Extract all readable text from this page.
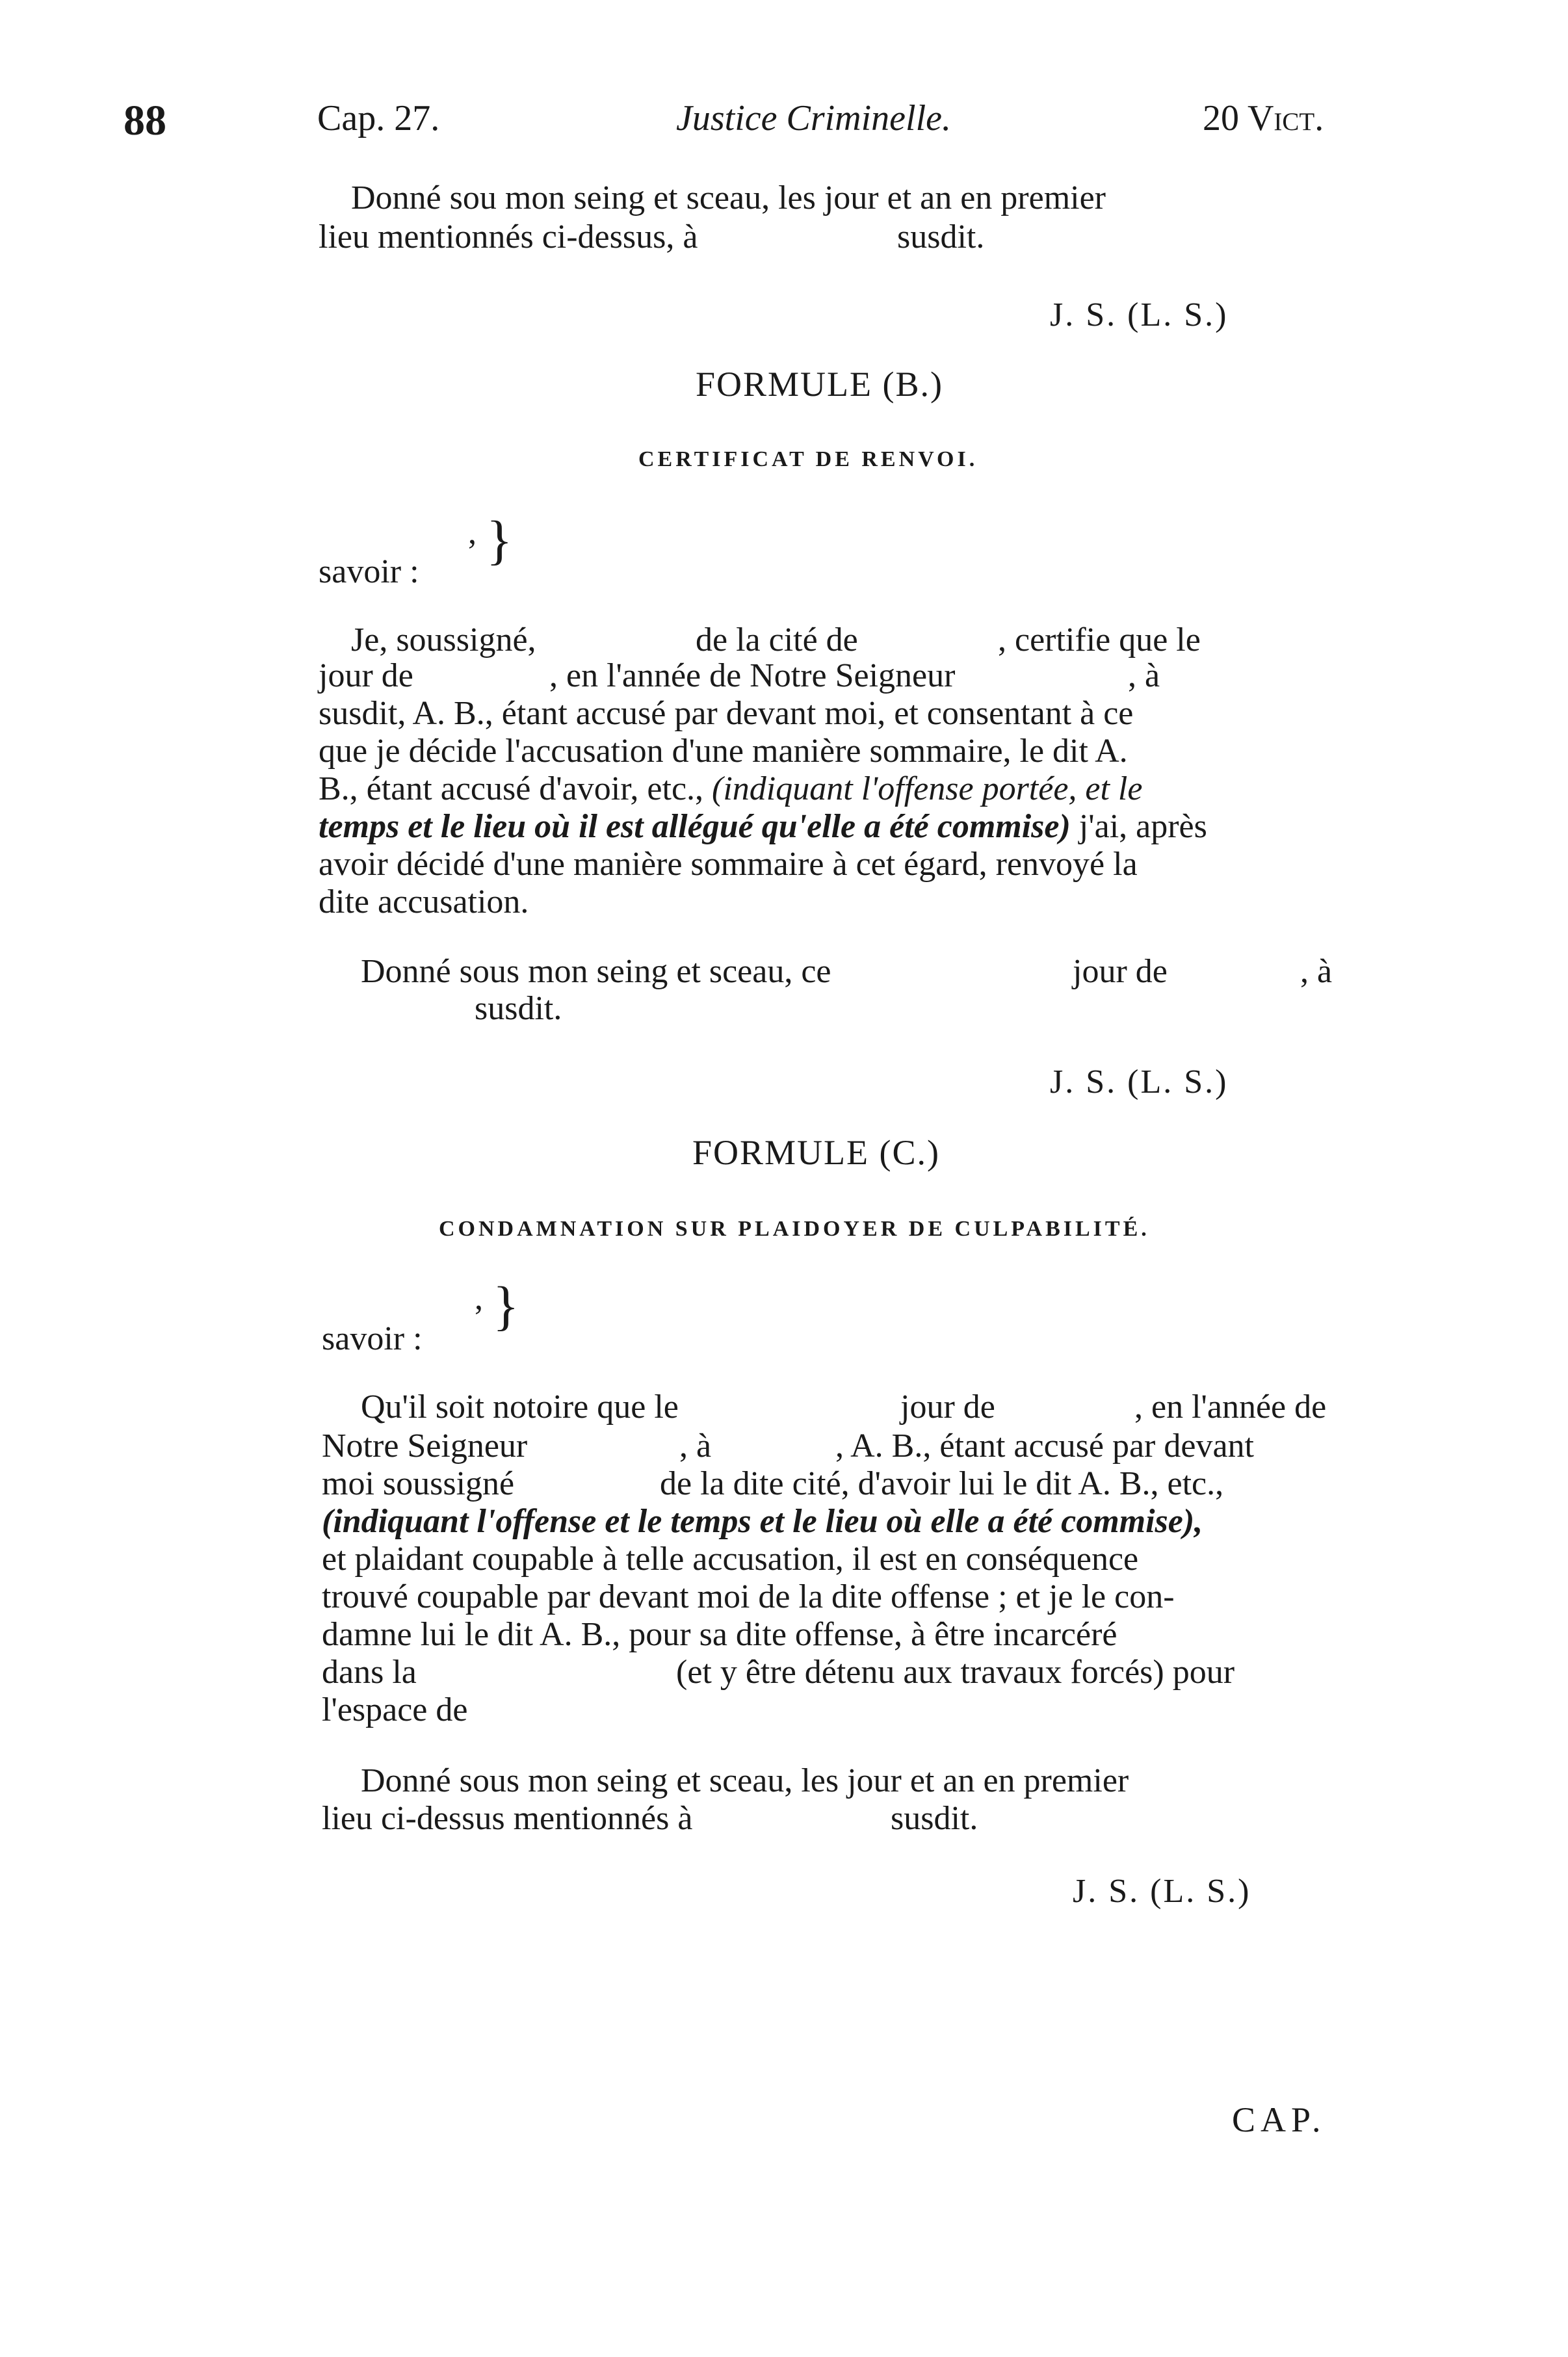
88	Cap. 27.	Justice Criminelle.	20 Vict.
Donné sou mon seing et sceau, les jour et an en premier
lieu mentionnés ci-dessus, à	susdit.
J. S. (L. S.)
FORMULE (B.)
CERTIFICAT DE RENVOI.
, }
savoir :
Je, soussigné,	de la cité de	, certifie que le
jour de	, en l'année de Notre Seigneur	, à
susdit, A. B., étant accusé par devant moi, et consentant à ce
que je décide l'accusation d'une manière sommaire, le dit A.
B., étant accusé d'avoir, etc., (indiquant l'offense portée, et le
temps et le lieu où il est allégué qu'elle a été commise) j'ai, après
avoir décidé d'une manière sommaire à cet égard, renvoyé la
dite accusation.
Donné sous mon seing et sceau, ce	jour de	, à
susdit.
J. S. (L. S.)
FORMULE (C.)
CONDAMNATION SUR PLAIDOYER DE CULPABILITÉ.
, }
savoir :
Qu'il soit notoire que le	jour de	, en l'année de
Notre Seigneur	, à	, A. B., étant accusé par devant
moi soussigné	de la dite cité, d'avoir lui le dit A. B., etc.,
(indiquant l'offense et le temps et le lieu où elle a été commise),
et plaidant coupable à telle accusation, il est en conséquence
trouvé coupable par devant moi de la dite offense ; et je le con-
damne lui le dit A. B., pour sa dite offense, à être incarcéré
dans la	(et y être détenu aux travaux forcés) pour
l'espace de
Donné sous mon seing et sceau, les jour et an en premier
lieu ci-dessus mentionnés à	susdit.
J. S. (L. S.)
CAP.
